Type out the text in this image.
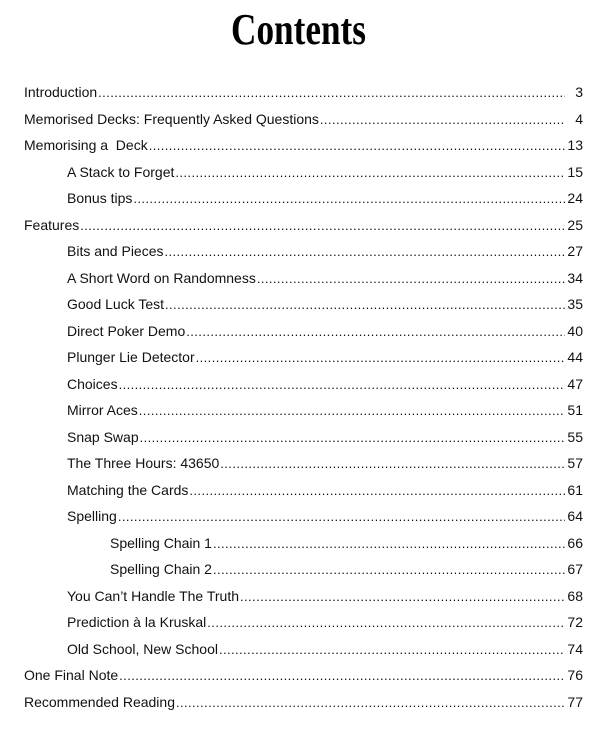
Contents
Introduction .....	3
Memorised Decks: Frequently Asked Questions .....	4
Memorising a  Deck .....	13
A Stack to Forget .....	15
Bonus tips .....	24
Features .....	25
Bits and Pieces .....	27
A Short Word on Randomness .....	34
Good Luck Test .....	35
Direct Poker Demo .....	40
Plunger Lie Detector .....	44
Choices .....	47
Mirror Aces .....	51
Snap Swap .....	55
The Three Hours: 43650 .....	57
Matching the Cards .....	61
Spelling .....	64
Spelling Chain 1 .....	66
Spelling Chain 2 .....	67
You Can’t Handle The Truth .....	68
Prediction à la Kruskal .....	72
Old School, New School .....	74
One Final Note .....	76
Recommended Reading .....	77
